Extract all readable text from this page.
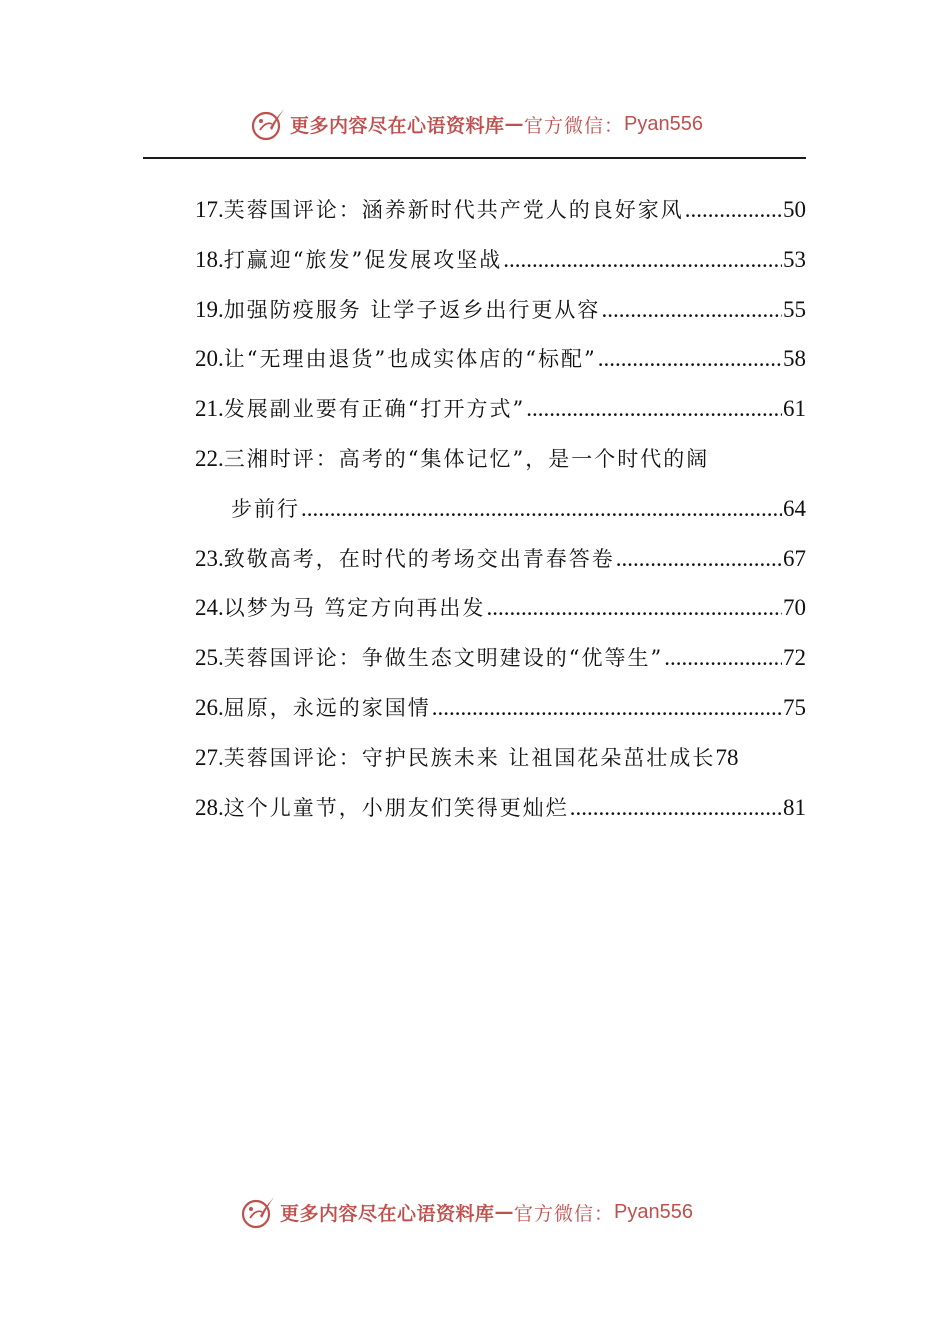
更多内容尽在心语资料库 — 官方微信： Pyan556
17. 芙蓉国评论：涵养新时代共产党人的良好家风 .....	50
18. 打赢迎“旅发”促发展攻坚战 .....	53
19. 加强防疫服务 让学子返乡出行更从容 .....	55
20. 让“无理由退货”也成实体店的“标配” .....	58
21. 发展副业要有正确“打开方式” .....	61
22. 三湘时评：高考的“集体记忆”，是一个时代的阔
步前行 .....	64
23. 致敬高考，在时代的考场交出青春答卷 .....	67
24. 以梦为马 笃定方向再出发 .....	70
25. 芙蓉国评论：争做生态文明建设的“优等生” .....	72
26. 屈原，永远的家国情 .....	75
27. 芙蓉国评论：守护民族未来 让祖国花朵茁壮成长 78
28. 这个儿童节，小朋友们笑得更灿烂 .....	81
更多内容尽在心语资料库 — 官方微信： Pyan556
